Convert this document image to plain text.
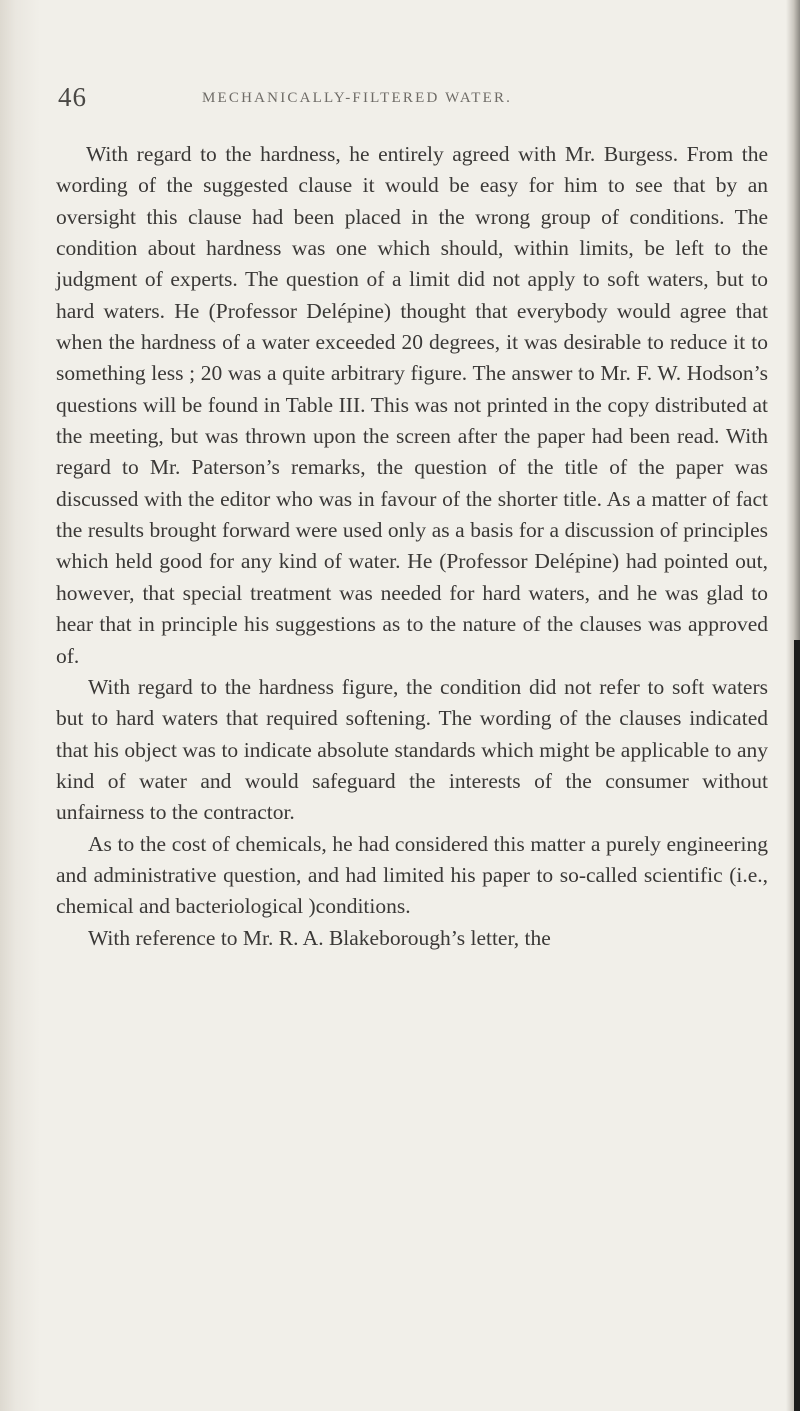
46	MECHANICALLY-FILTERED WATER.

With regard to the hardness, he entirely agreed with Mr. Burgess. From the wording of the suggested clause it would be easy for him to see that by an oversight this clause had been placed in the wrong group of conditions. The condition about hardness was one which should, within limits, be left to the judgment of experts. The question of a limit did not apply to soft waters, but to hard waters. He (Professor Delépine) thought that everybody would agree that when the hardness of a water exceeded 20 degrees, it was desirable to reduce it to something less ; 20 was a quite arbitrary figure. The answer to Mr. F. W. Hodson’s questions will be found in Table III. This was not printed in the copy distributed at the meeting, but was thrown upon the screen after the paper had been read. With regard to Mr. Paterson’s remarks, the question of the title of the paper was discussed with the editor who was in favour of the shorter title. As a matter of fact the results brought forward were used only as a basis for a discussion of principles which held good for any kind of water. He (Professor Delépine) had pointed out, however, that special treatment was needed for hard waters, and he was glad to hear that in principle his suggestions as to the nature of the clauses was approved of.

With regard to the hardness figure, the condition did not refer to soft waters but to hard waters that required softening. The wording of the clauses indicated that his object was to indicate absolute standards which might be applicable to any kind of water and would safeguard the interests of the consumer without unfairness to the contractor.

As to the cost of chemicals, he had considered this matter a purely engineering and administrative question, and had limited his paper to so-called scientific (i.e., chemical and bacteriological )conditions.

With reference to Mr. R. A. Blakeborough’s letter, the
